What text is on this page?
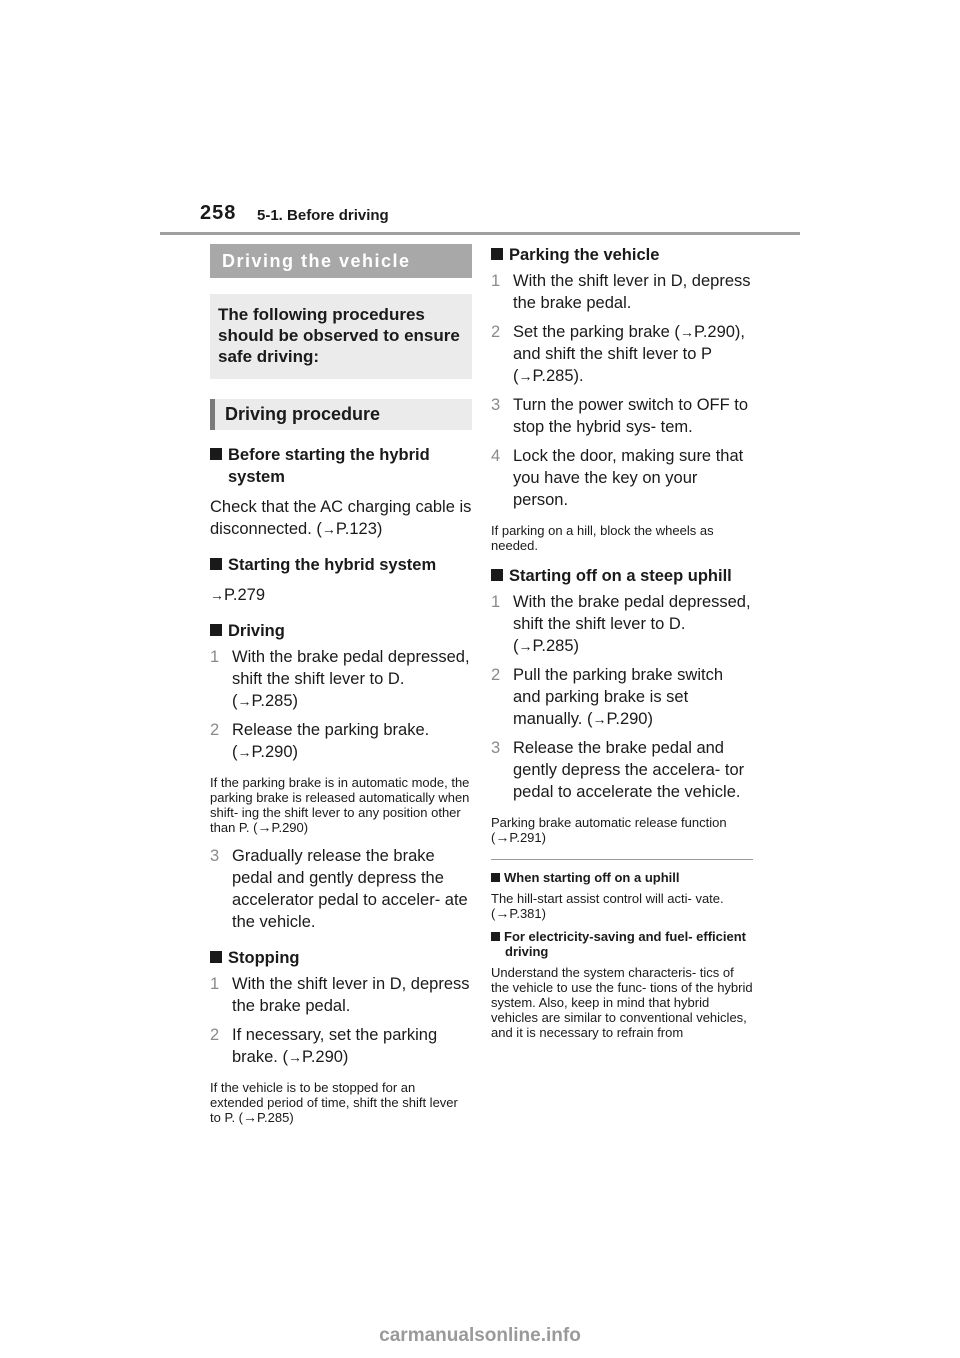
258 5-1. Before driving
Driving the vehicle
The following procedures should be observed to ensure safe driving:
Driving procedure
Before starting the hybrid system
Check that the AC charging cable is disconnected. (→P.123)
Starting the hybrid system
→P.279
Driving
1 With the brake pedal depressed, shift the shift lever to D. (→P.285)
2 Release the parking brake. (→P.290)
If the parking brake is in automatic mode, the parking brake is released automatically when shift- ing the shift lever to any position other than P. (→P.290)
3 Gradually release the brake pedal and gently depress the accelerator pedal to acceler- ate the vehicle.
Stopping
1 With the shift lever in D, depress the brake pedal.
2 If necessary, set the parking brake. (→P.290)
If the vehicle is to be stopped for an extended period of time, shift the shift lever to P. (→P.285)
Parking the vehicle
1 With the shift lever in D, depress the brake pedal.
2 Set the parking brake (→P.290), and shift the shift lever to P (→P.285).
3 Turn the power switch to OFF to stop the hybrid sys- tem.
4 Lock the door, making sure that you have the key on your person.
If parking on a hill, block the wheels as needed.
Starting off on a steep uphill
1 With the brake pedal depressed, shift the shift lever to D. (→P.285)
2 Pull the parking brake switch and parking brake is set manually. (→P.290)
3 Release the brake pedal and gently depress the accelera- tor pedal to accelerate the vehicle.
Parking brake automatic release function (→P.291)
When starting off on a uphill
The hill-start assist control will acti- vate. (→P.381)
For electricity-saving and fuel- efficient driving
Understand the system characteris- tics of the vehicle to use the func- tions of the hybrid system. Also, keep in mind that hybrid vehicles are similar to conventional vehicles, and it is necessary to refrain from
carmanualsonline.info
